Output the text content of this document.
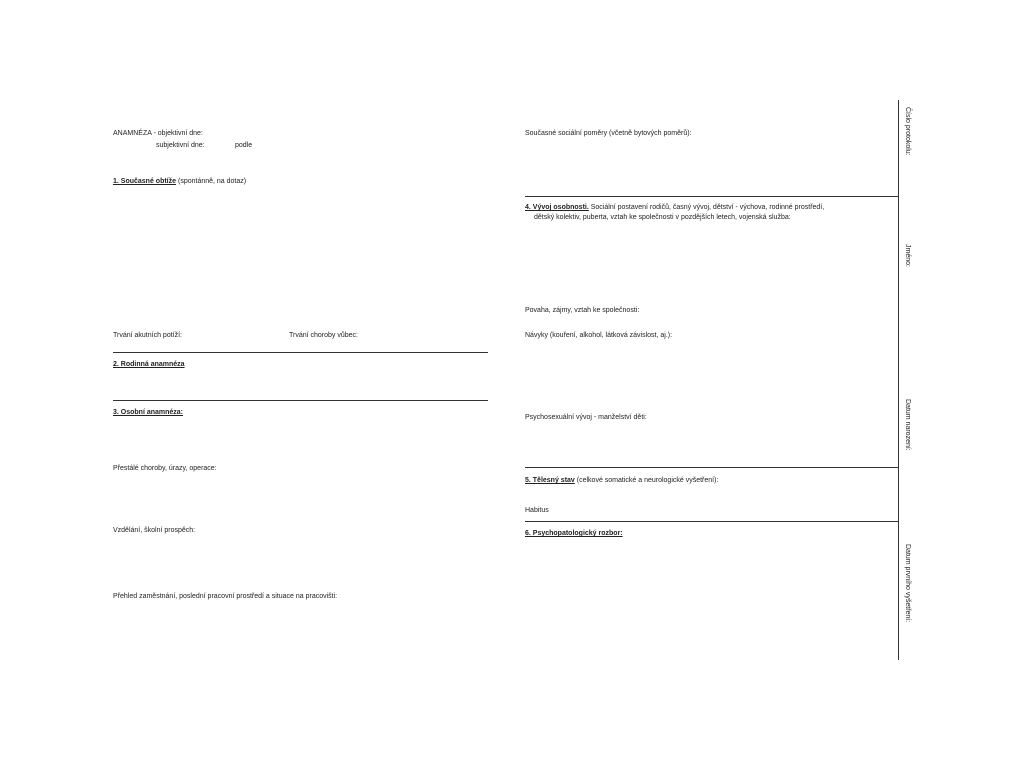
ANAMNÉZA - objektivní dne:
subjektivní dne:	podle
1. Současné obtíže (spontánně, na dotaz)
Trvání akutních potíží:	Trvání choroby vůbec:
2. Rodinná anamnéza
3. Osobní anamnéza:
Přestálé choroby, úrazy, operace:
Vzdělání, školní prospěch:
Přehled zaměstnání, poslední pracovní prostředí a situace na pracovišti:
Současné sociální poměry (včetně bytových poměrů):
4. Vývoj osobnosti. Sociální postavení rodičů, časný vývoj, dětství - výchova, rodinné prostředí,
dětský kolektiv, puberta, vztah ke společnosti v pozdějších letech, vojenská služba:
Povaha, zájmy, vztah ke společnosti:
Návyky (kouření, alkohol, látková závislost, aj.):
Psychosexuální vývoj - manželství děti:
5. Tělesný stav (celkové somatické a neurologické vyšetření):
Habitus
6. Psychopatologický rozbor:
Číslo protokolu:
Jméno:
Datum narození:
Datum prvního vyšetření:
